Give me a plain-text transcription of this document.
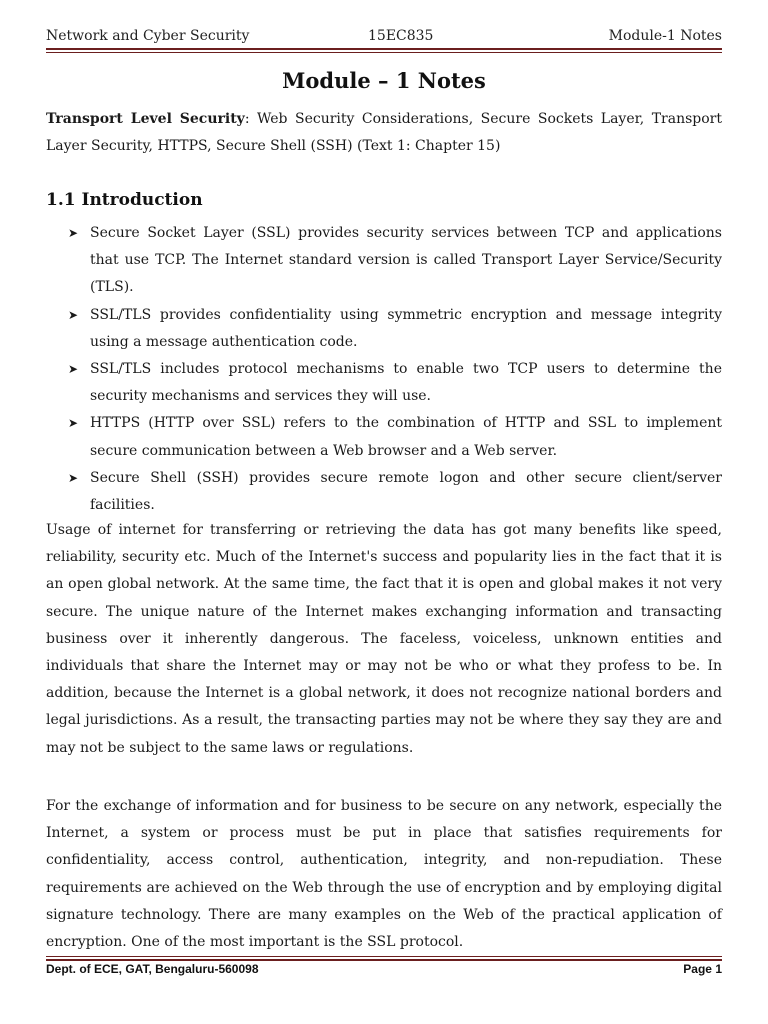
Network and Cyber Security	15EC835	Module-1 Notes
Module – 1 Notes
Transport Level Security: Web Security Considerations, Secure Sockets Layer, Transport Layer Security, HTTPS, Secure Shell (SSH) (Text 1: Chapter 15)
1.1 Introduction
➤ Secure Socket Layer (SSL) provides security services between TCP and applications that use TCP. The Internet standard version is called Transport Layer Service/Security (TLS).
➤ SSL/TLS provides confidentiality using symmetric encryption and message integrity using a message authentication code.
➤ SSL/TLS includes protocol mechanisms to enable two TCP users to determine the security mechanisms and services they will use.
➤ HTTPS (HTTP over SSL) refers to the combination of HTTP and SSL to implement secure communication between a Web browser and a Web server.
➤ Secure Shell (SSH) provides secure remote logon and other secure client/server facilities.
Usage of internet for transferring or retrieving the data has got many benefits like speed, reliability, security etc. Much of the Internet's success and popularity lies in the fact that it is an open global network. At the same time, the fact that it is open and global makes it not very secure. The unique nature of the Internet makes exchanging information and transacting business over it inherently dangerous. The faceless, voiceless, unknown entities and individuals that share the Internet may or may not be who or what they profess to be. In addition, because the Internet is a global network, it does not recognize national borders and legal jurisdictions. As a result, the transacting parties may not be where they say they are and may not be subject to the same laws or regulations.
For the exchange of information and for business to be secure on any network, especially the Internet, a system or process must be put in place that satisfies requirements for confidentiality, access control, authentication, integrity, and non-repudiation. These requirements are achieved on the Web through the use of encryption and by employing digital signature technology. There are many examples on the Web of the practical application of encryption. One of the most important is the SSL protocol.
Dept. of ECE, GAT, Bengaluru-560098	Page 1
